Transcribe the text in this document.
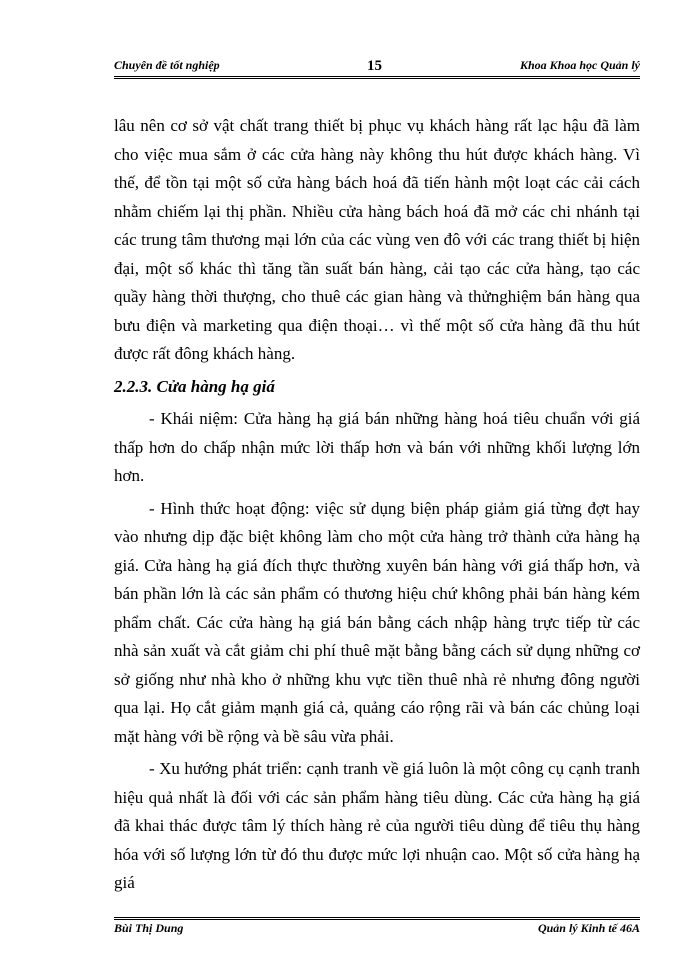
Chuyên đề tốt nghiệp	15	Khoa Khoa học Quản lý

lâu nên cơ sở vật chất trang thiết bị phục vụ khách hàng rất lạc hậu đã làm cho việc mua sắm ở các cửa hàng này không thu hút được khách hàng. Vì thế, để tồn tại một số cửa hàng bách hoá đã tiến hành một loạt các cải cách nhằm chiếm lại thị phần. Nhiều cửa hàng bách hoá đã mở các chi nhánh tại các trung tâm thương mại lớn của các vùng ven đô với các trang thiết bị hiện đại, một số khác thì tăng tần suất bán hàng, cải tạo các cửa hàng, tạo các quầy hàng thời thượng, cho thuê các gian hàng và thửnghiệm bán hàng qua bưu điện và marketing qua điện thoại… vì thế một số cửa hàng đã thu hút được rất đông khách hàng.

2.2.3. Cửa hàng hạ giá

- Khái niệm: Cửa hàng hạ giá bán những hàng hoá tiêu chuẩn với giá thấp hơn do chấp nhận mức lời thấp hơn và bán với những khối lượng lớn hơn.

- Hình thức hoạt động: việc sử dụng biện pháp giảm giá từng đợt hay vào nhưng dịp đặc biệt không làm cho một cửa hàng trở thành cửa hàng hạ giá. Cửa hàng hạ giá đích thực thường xuyên bán hàng với giá thấp hơn, và bán phần lớn là các sản phẩm có thương hiệu chứ không phải bán hàng kém phẩm chất. Các cửa hàng hạ giá bán bằng cách nhập hàng trực tiếp từ các nhà sản xuất và cắt giảm chi phí thuê mặt bằng bằng cách sử dụng những cơ sở giống như nhà kho ở những khu vực tiền thuê nhà rẻ nhưng đông người qua lại. Họ cắt giảm mạnh giá cả, quảng cáo rộng rãi và bán các chủng loại mặt hàng với bề rộng và bề sâu vừa phải.

- Xu hướng phát triển: cạnh tranh về giá luôn là một công cụ cạnh tranh hiệu quả nhất là đối với các sản phẩm hàng tiêu dùng. Các cửa hàng hạ giá đã khai thác được tâm lý thích hàng rẻ của người tiêu dùng để tiêu thụ hàng hóa với số lượng lớn từ đó thu được mức lợi nhuận cao. Một số cửa hàng hạ giá

Bùi Thị Dung	Quản lý Kinh tế 46A
